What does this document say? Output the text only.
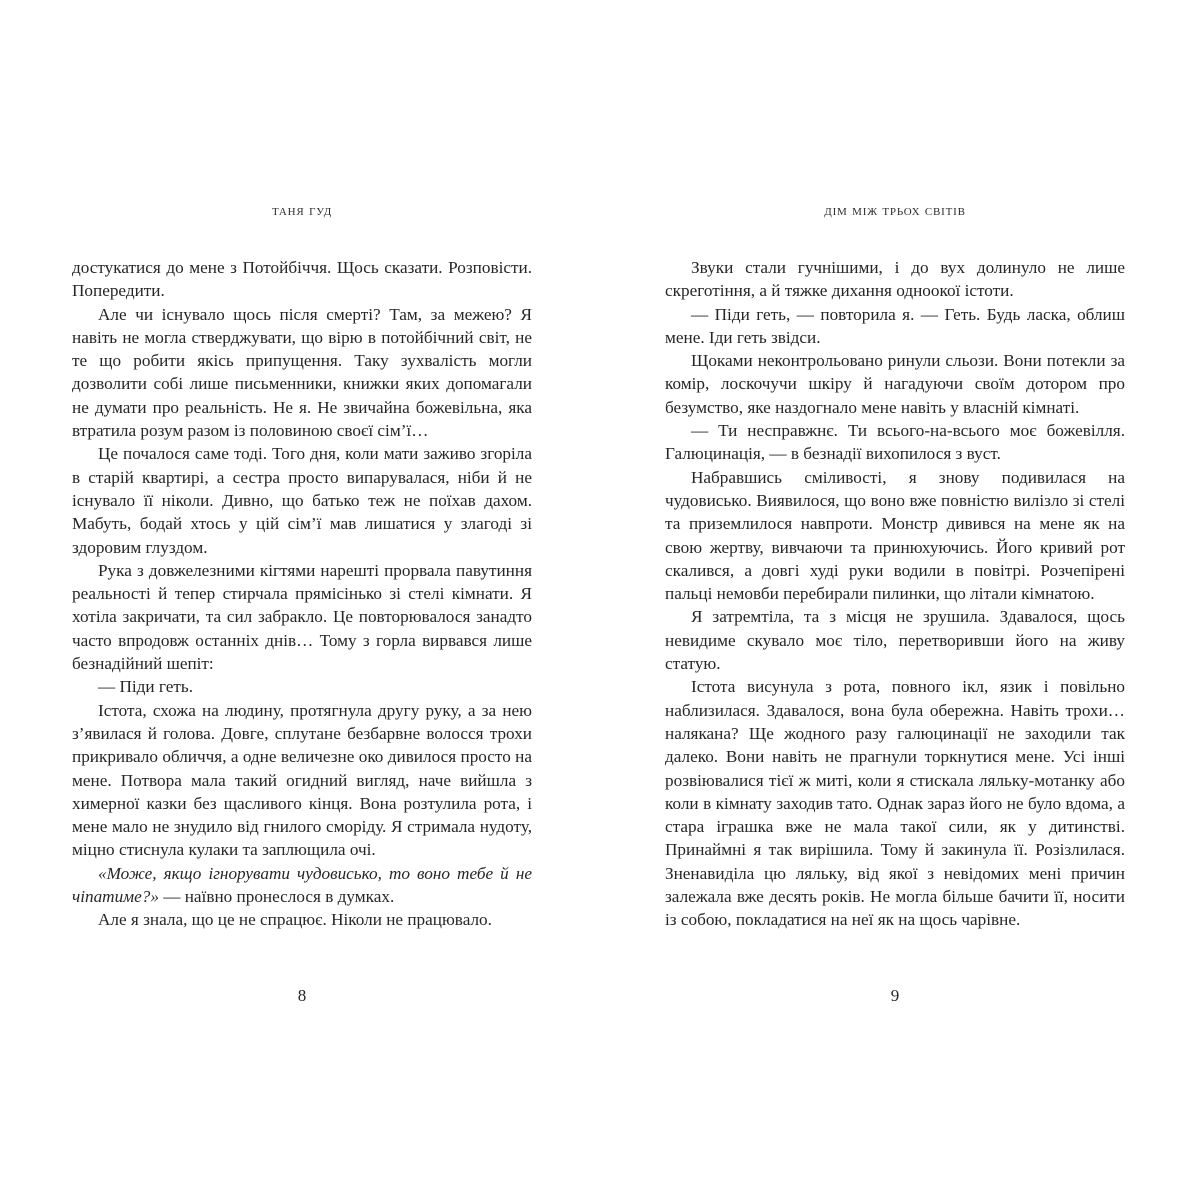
таня гуд

достукатися до мене з Потойбіччя. Щось сказати. Розповісти. Попередити.

Але чи існувало щось після смерті? Там, за межею? Я навіть не могла стверджувати, що вірю в потойбічний світ, не те що робити якісь припущення. Таку зухвалість могли дозволити собі лише письменники, книжки яких допомагали не думати про реальність. Не я. Не звичайна божевільна, яка втратила розум разом із половиною своєї сім’ї…

Це почалося саме тоді. Того дня, коли мати заживо згоріла в старій квартирі, а сестра просто випарувалася, ніби й не існувало її ніколи. Дивно, що батько теж не поїхав дахом. Мабуть, бодай хтось у цій сім’ї мав лишатися у злагоді зі здоровим глуздом.

Рука з довжелезними кігтями нарешті прорвала павутиння реальності й тепер стирчала прямісінько зі стелі кімнати. Я хотіла закричати, та сил забракло. Це повторювалося занадто часто впродовж останніх днів… Тому з горла вирвався лише безнадійний шепіт:

— Піди геть.

Істота, схожа на людину, протягнула другу руку, а за нею з’явилася й голова. Довге, сплутане безбарвне волосся трохи прикривало обличчя, а одне величезне око дивилося просто на мене. Потвора мала такий огидний вигляд, наче вийшла з химерної казки без щасливого кінця. Вона розтулила рота, і мене мало не знудило від гнилого сморіду. Я стримала нудоту, міцно стиснула кулаки та заплющила очі.

«Може, якщо ігнорувати чудовисько, то воно тебе й не чіпатиме?» — наївно пронеслося в думках.

Але я знала, що це не спрацює. Ніколи не працювало.

8
дім між трьох світів

Звуки стали гучнішими, і до вух долинуло не лише скреготіння, а й тяжке дихання одноокої істоти.

— Піди геть, — повторила я. — Геть. Будь ласка, облиш мене. Іди геть звідси.

Щоками неконтрольовано ринули сльози. Вони потекли за комір, лоскочучи шкіру й нагадуючи своїм дотором про безумство, яке наздогнало мене навіть у власній кімнаті.

— Ти несправжнє. Ти всього-на-всього моє божевілля. Галюцинація, — в безнадії вихопилося з вуст.

Набравшись сміливості, я знову подивилася на чудовисько. Виявилося, що воно вже повністю вилізло зі стелі та приземлилося навпроти. Монстр дивився на мене як на свою жертву, вивчаючи та принюхуючись. Його кривий рот скалився, а довгі худі руки водили в повітрі. Розчепірені пальці немовби перебирали пилинки, що літали кімнатою.

Я затремтіла, та з місця не зрушила. Здавалося, щось невидиме скувало моє тіло, перетворивши його на живу статую.

Істота висунула з рота, повного ікл, язик і повільно наблизилася. Здавалося, вона була обережна. Навіть трохи… налякана? Ще жодного разу галюцинації не заходили так далеко. Вони навіть не прагнули торкнутися мене. Усі інші розвіювалися тієї ж миті, коли я стискала ляльку-мотанку або коли в кімнату заходив тато. Однак зараз його не було вдома, а стара іграшка вже не мала такої сили, як у дитинстві. Принаймні я так вирішила. Тому й закинула її. Розізлилася. Зненавиділа цю ляльку, від якої з невідомих мені причин залежала вже десять років. Не могла більше бачити її, носити із собою, покладатися на неї як на щось чарівне.

9
